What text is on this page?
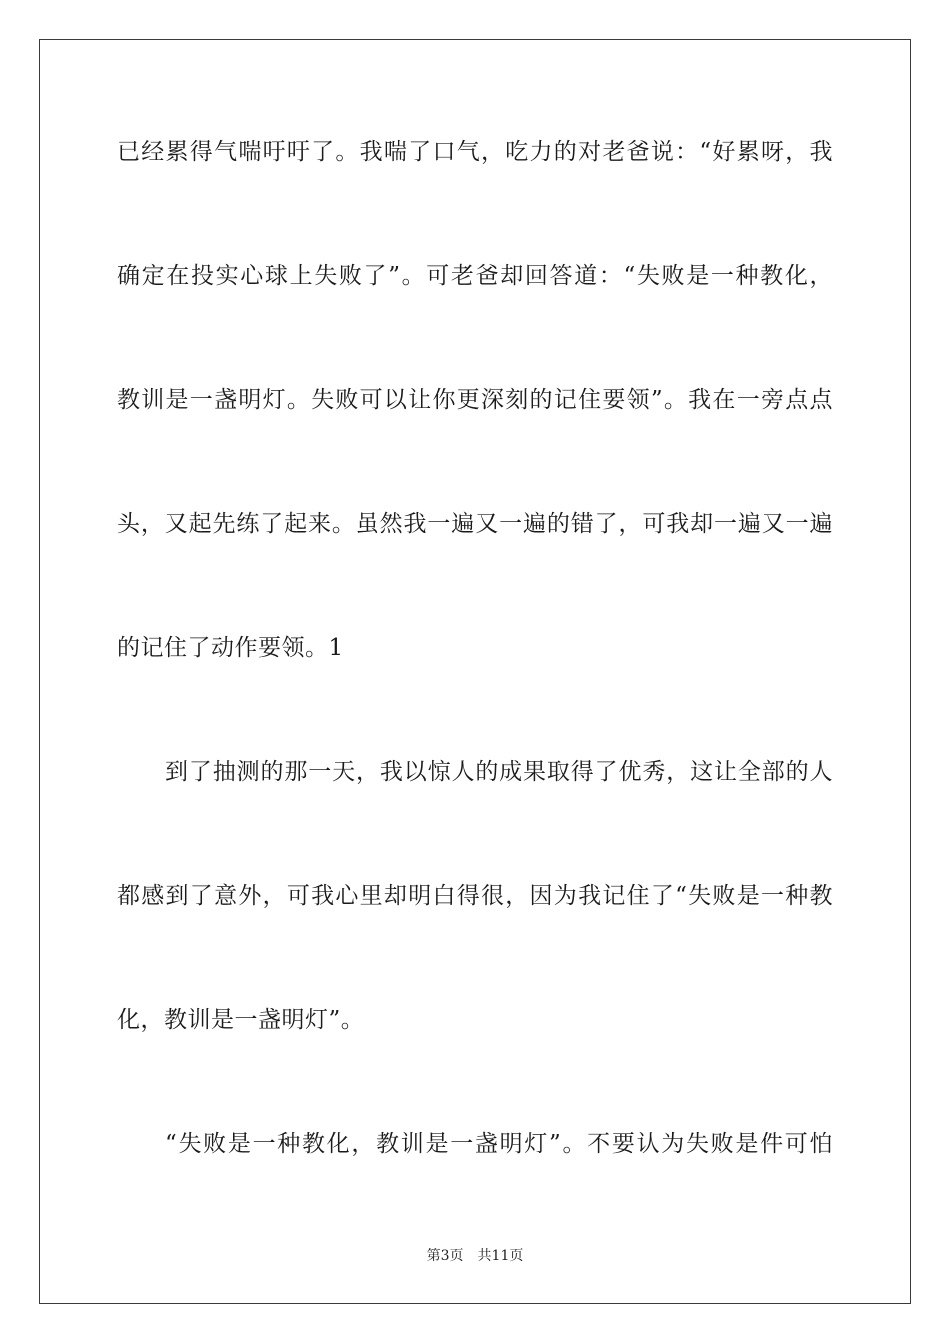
已经累得气喘吁吁了。我喘了口气，吃力的对老爸说：“好累呀，我
确定在投实心球上失败了”。可老爸却回答道：“失败是一种教化，
教训是一盏明灯。失败可以让你更深刻的记住要领”。我在一旁点点
头，又起先练了起来。虽然我一遍又一遍的错了，可我却一遍又一遍
的记住了动作要领。1
到了抽测的那一天，我以惊人的成果取得了优秀，这让全部的人
都感到了意外，可我心里却明白得很，因为我记住了“失败是一种教
化，教训是一盏明灯”。
“失败是一种教化，教训是一盏明灯”。不要认为失败是件可怕
第3页 共11页
